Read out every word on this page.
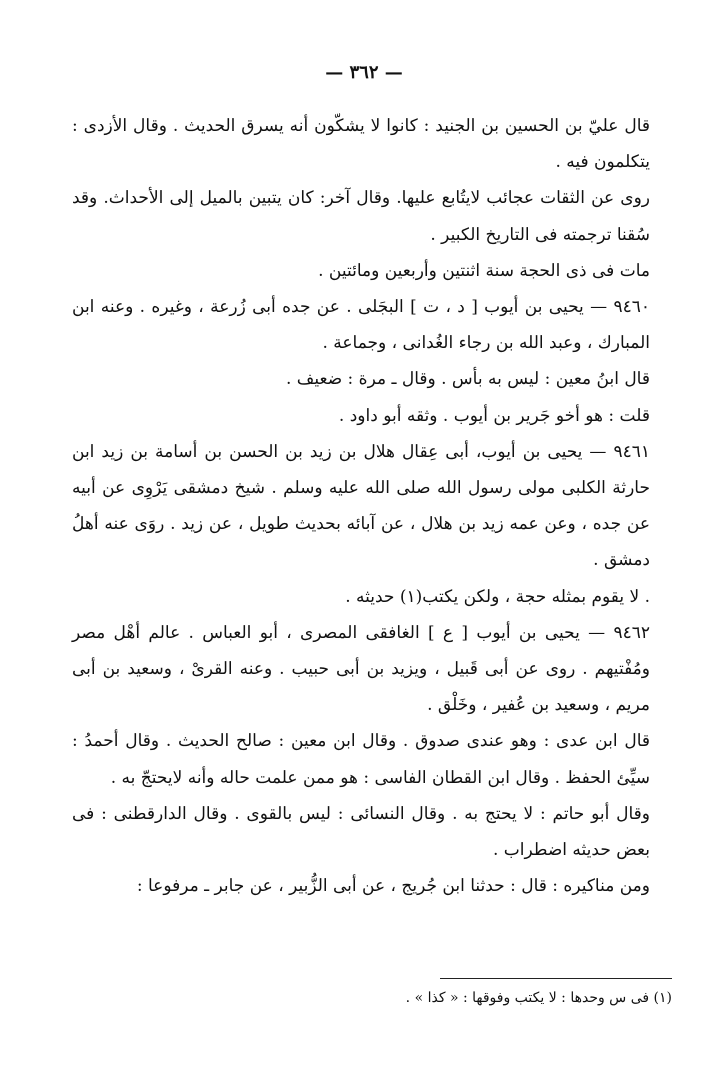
— ٣٦٢ —

قال عليّ بن الحسين بن الجنيد : كانوا لا يشكّون أنه يسرق الحديث . وقال الأزدى : يتكلمون فيه .

روى عن الثقات عجائب لايتُابع عليها. وقال آخر: كان يتبين بالميل إلى الأحداث. وقد سُقنا ترجمته فى التاريخ الكبير .

مات فى ذى الحجة سنة اثنتين وأربعين ومائتين .

٩٤٦٠ — يحيى بن أيوب [ د ، ت ] البجَلى . عن جده أبى زُرعة ، وغيره . وعنه ابن المبارك ، وعبد الله بن رجاء الغُدانى ، وجماعة .

قال ابنُ معين : ليس به بأس . وقال ـ مرة : ضعيف .

قلت : هو أخو جَرير بن أيوب . وثقه أبو داود .

٩٤٦١ — يحيى بن أيوب، أبى عِقال هلال بن زيد بن الحسن بن أسامة بن زيد ابن حارثة الكلبى مولى رسول الله صلى الله عليه وسلم . شيخ دمشقى يَرْوِى عن أبيه عن جده ، وعن عمه زيد بن هلال ، عن آبائه بحديث طويل ، عن زيد . روَى عنه أهلُ دمشق .

. لا يقوم بمثله حجة ، ولكن يكتب(١) حديثه .

٩٤٦٢ — يحيى بن أيوب [ ع ] الغافقى المصرى ، أبو العباس . عالم أهْل مصر ومُفْتيهم . روى عن أبى قَبيل ، ويزيد بن أبى حبيب . وعنه القرىْ ، وسعيد بن أبى مريم ، وسعيد بن عُفير ، وخَلْق .

قال ابن عدى : وهو عندى صدوق . وقال ابن معين : صالح الحديث . وقال أحمدُ : سيِّئ الحفظ . وقال ابن القطان الفاسى : هو ممن علمت حاله وأنه لايحتجّ به .

وقال أبو حاتم : لا يحتج به . وقال النسائى : ليس بالقوى . وقال الدارقطنى : فى بعض حديثه اضطراب .

ومن مناكيره : قال : حدثنا ابن جُريج ، عن أبى الزُّبير ، عن جابر ـ مرفوعا :

(١) فى س وحدها : لا يكتب وفوقها : « كذا » .
